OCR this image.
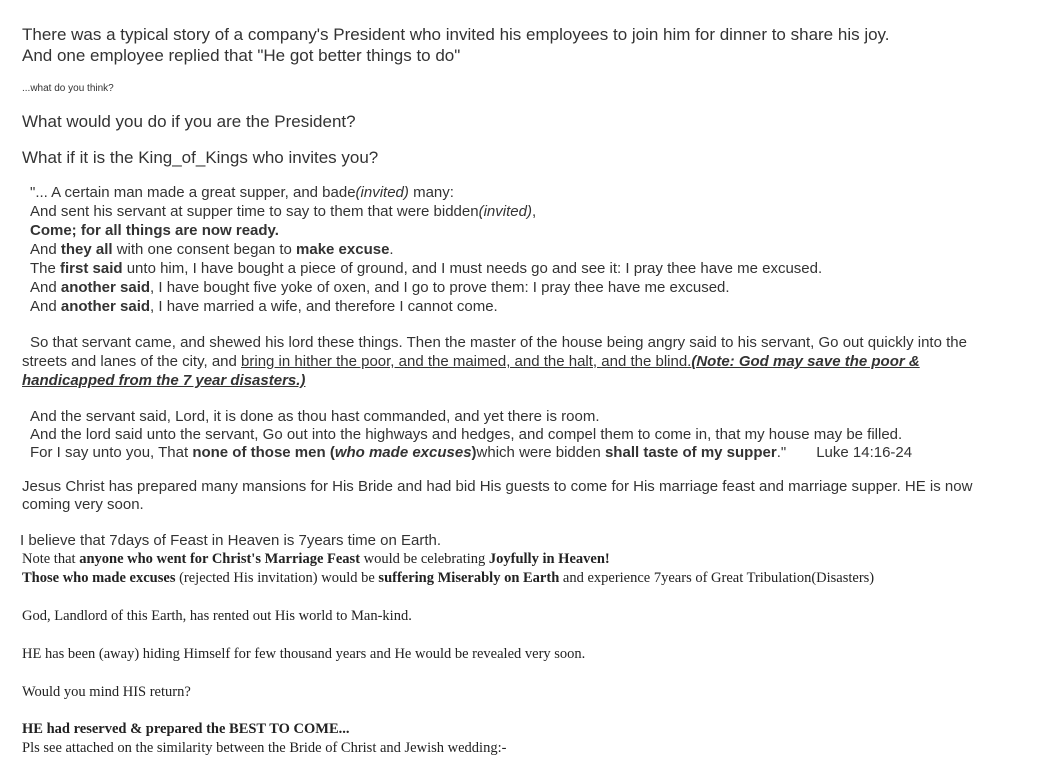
There was a typical story of a company's President who invited his employees to join him for dinner to share his joy.
And one employee replied that "He got better things to do"
...what do you think?
What would you do if you are the President?
What if it is the King_of_Kings who invites you?
"... A certain man made a great supper, and bade(invited) many:
And sent his servant at supper time to say to them that were bidden(invited),
Come; for all things are now ready.
And they all with one consent began to make excuse.
The first said unto him, I have bought a piece of ground, and I must needs go and see it: I pray thee have me excused.
And another said, I have bought five yoke of oxen, and I go to prove them: I pray thee have me excused.
And another said, I have married a wife, and therefore I cannot come.
So that servant came, and shewed his lord these things. Then the master of the house being angry said to his servant, Go out quickly into the
streets and lanes of the city, and bring in hither the poor, and the maimed, and the halt, and the blind.(Note: God may save the poor &
handicapped from the 7 year disasters.)
And the servant said, Lord, it is done as thou hast commanded, and yet there is room.
And the lord said unto the servant, Go out into the highways and hedges, and compel them to come in, that my house may be filled.
For I say unto you, That none of those men (who made excuses)which were bidden shall taste of my supper." Luke 14:16-24
Jesus Christ has prepared many mansions for His Bride and had bid His guests to come for His marriage feast and marriage supper. HE is now
coming very soon.
I believe that 7days of Feast in Heaven is 7years time on Earth.
Note that anyone who went for Christ's Marriage Feast would be celebrating Joyfully in Heaven!
Those who made excuses (rejected His invitation) would be suffering Miserably on Earth and experience 7years of Great Tribulation(Disasters)
God, Landlord of this Earth, has rented out His world to Man-kind.
HE has been (away) hiding Himself for few thousand years and He would be revealed very soon.
Would you mind HIS return?
HE had reserved & prepared the BEST TO COME...
Pls see attached on the similarity between the Bride of Christ and Jewish wedding:-
